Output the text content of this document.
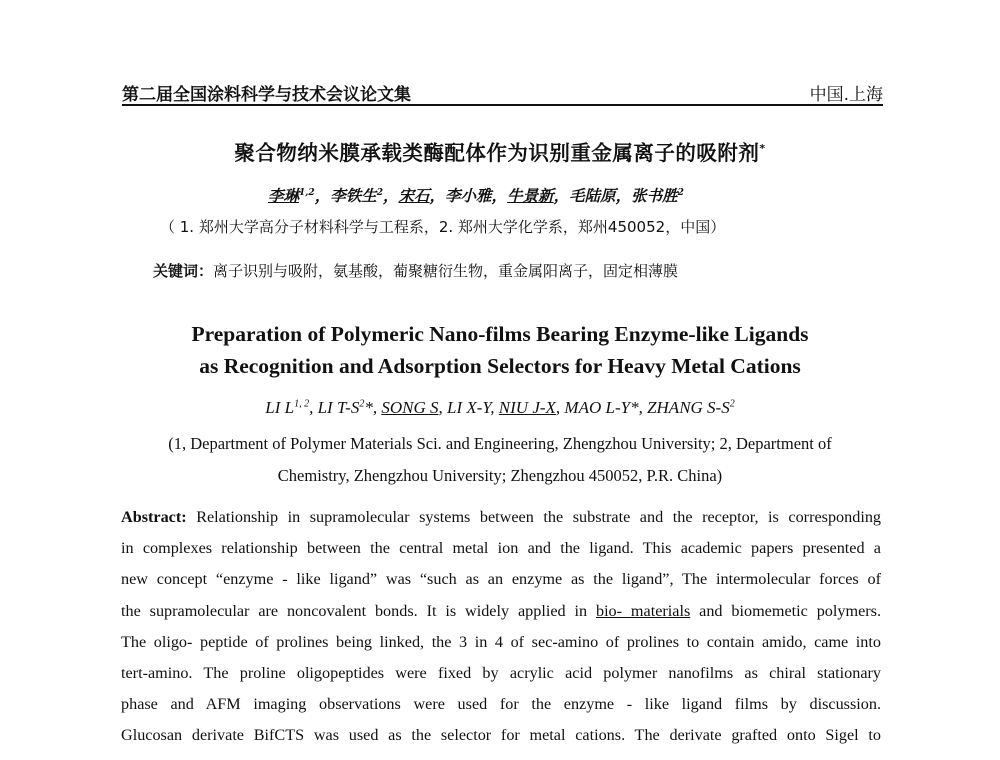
第二届全国涂料科学与技术会议论文集	中国.上海
聚合物纳米膜承载类酶配体作为识别重金属离子的吸附剂*
李琳$^{1,2}$，李铁生$^2$，宋石，李小雅，牛景新，毛陆原，张书胜$^2$
（ 1. 郑州大学高分子材料科学与工程系，2. 郑州大学化学系，郑州450052，中国）
关键词：离子识别与吸附，氨基酸，葡聚糖衍生物，重金属阳离子，固定相薄膜
Preparation of Polymeric Nano-films Bearing Enzyme-like Ligands
as Recognition and Adsorption Selectors for Heavy Metal Cations
LI L$^{1, 2}$, LI $T-S^2*$, SONG S, LI X-Y, NIU J-X, MAO L-Y*, ZHANG $S-S^2$
(1, Department of Polymer Materials Sci. and Engineering, Zhengzhou University; 2, Department of
Chemistry, Zhengzhou University; Zhengzhou 450052, P.R. China)
Abstract: Relationship in supramolecular systems between the substrate and the receptor, is corresponding
in complexes relationship between the central metal ion and the ligand. This academic papers presented a
new concept “enzyme - like ligand” was “such as an enzyme as the ligand”, The intermolecular forces of
the supramolecular are noncovalent bonds. It is widely applied in bio- materials and biomemetic polymers.
The oligo- peptide of prolines being linked, the 3 in 4 of sec-amino of prolines to contain amido, came into
tert-amino. The proline oligopeptides were fixed by acrylic acid polymer nanofilms as chiral stationary
phase and AFM imaging observations were used for the enzyme - like ligand films by discussion.
Glucosan derivate BifCTS was used as the selector for metal cations. The derivate grafted onto Sigel to
